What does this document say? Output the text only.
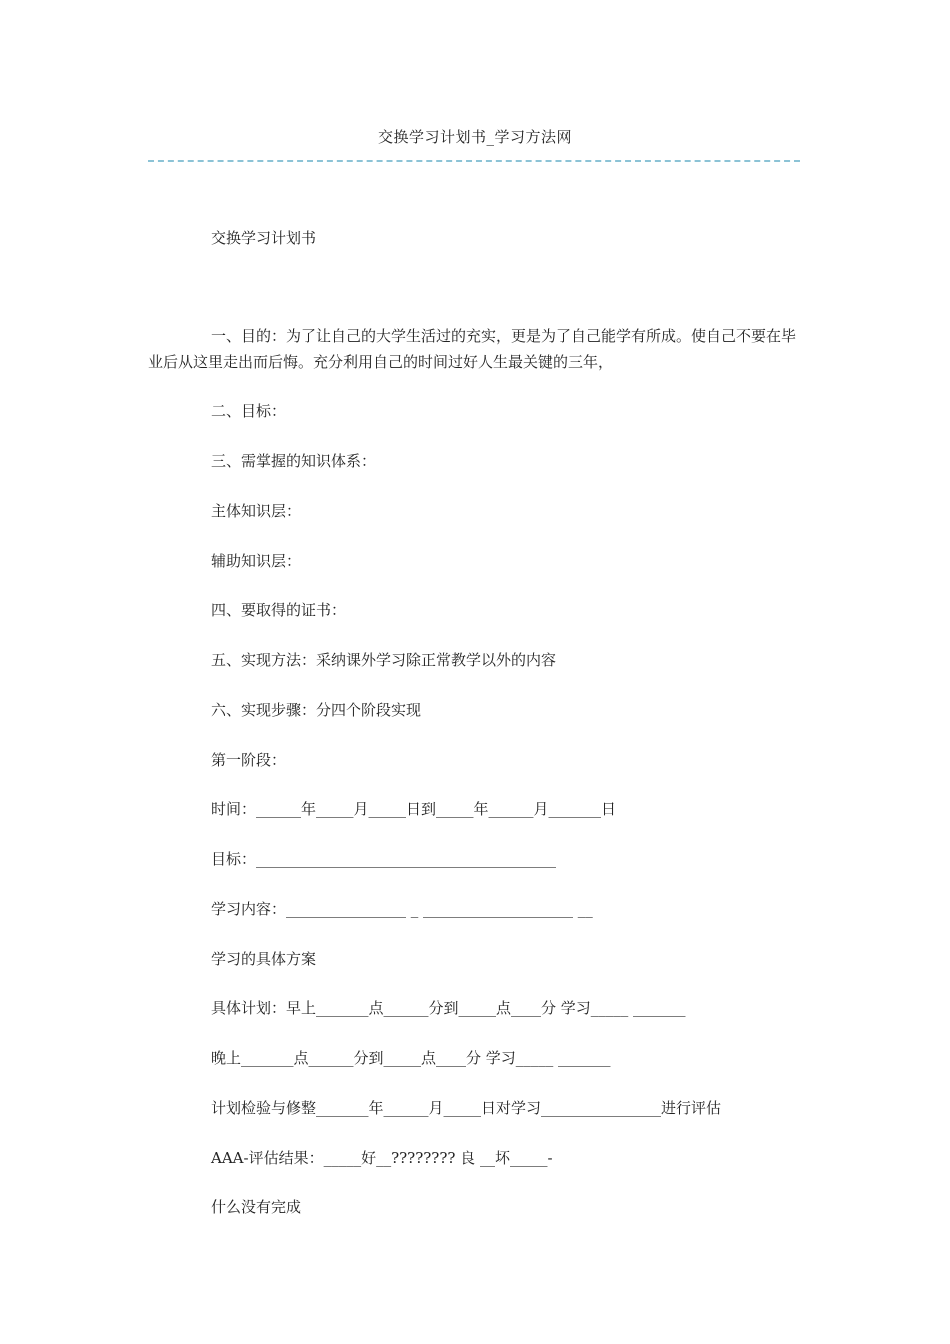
交换学习计划书_学习方法网
交换学习计划书
一、目的：为了让自己的大学生活过的充实，更是为了自己能学有所成。使自己不要在毕业后从这里走出而后悔。充分利用自己的时间过好人生最关键的三年，
二、目标：
三、需掌握的知识体系：
主体知识层：
辅助知识层：
四、要取得的证书：
五、实现方法：采纳课外学习除正常教学以外的内容
六、实现步骤：分四个阶段实现
第一阶段：
时间：______年_____月_____日到_____年______月_______日
目标：________________________________________
学习内容：________________ _ ____________________ __
学习的具体方案
具体计划：早上_______点______分到_____点____分 学习_____ _______
晚上_______点______分到_____点____分 学习_____ _______
计划检验与修整_______年______月_____日对学习________________进行评估
AAA-评估结果：_____好__???????? 良 __坏_____-
什么没有完成
